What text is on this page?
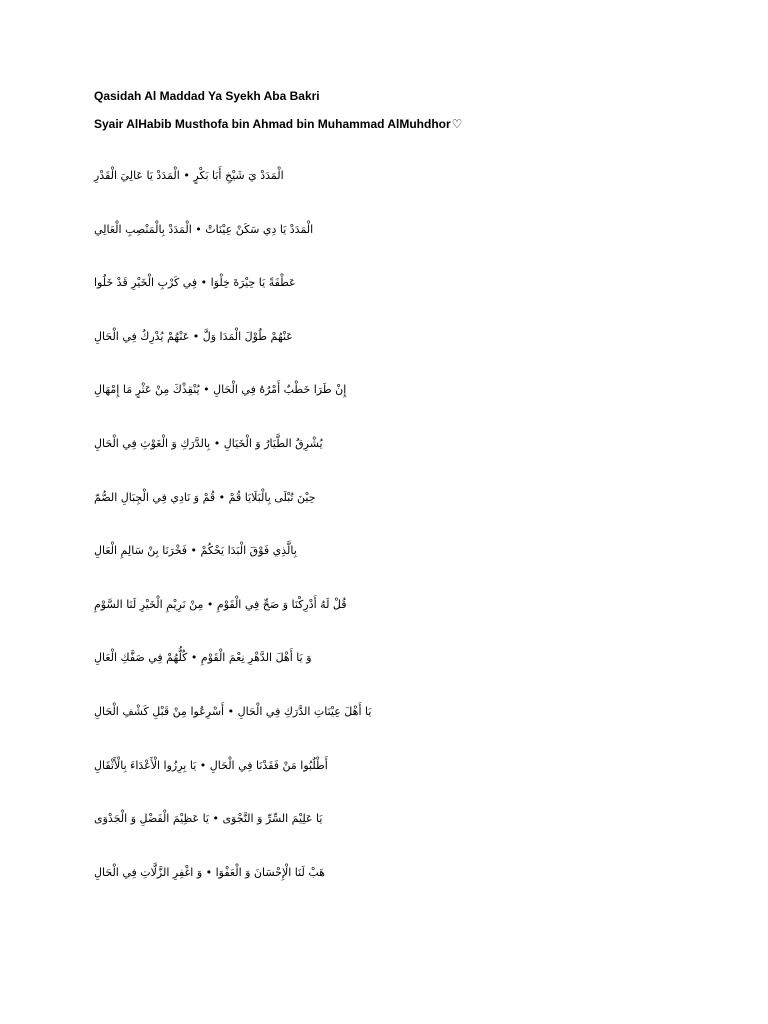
Qasidah Al Maddad Ya Syekh Aba Bakri
Syair AlHabib Musthofa bin Ahmad bin Muhammad AlMuhdhor♡
الْمَدَدْ يَ شَيْخِ أَبَا بَكْرٍ • الْمَدَدْ يَا عَالِيَ الْقَدْرِ
الْمَدَدْ يَا دِي سَكَنْ عِيْنَاتْ • الْمَدَدْ بِالْمَنْصِبِ الْعَالِي
عَطْفَةً يَا حِيْرَةَ خِلْوَا • فِي كَرْبِ الْخَيْرِ قَدْ خَلُوا
عَنْهُمْ طُوْلَ الْمَدَا وَلَّ • عَنْهُمْ يُدْرِكُ فِي الْحَالِ
إِنْ طَرَا خَطْبٌ أَمْرُهُ فِي الْحَالِ • يُنْقِذْكَ مِنْ عَثْرٍ مَا إِمْهَالِ
يُشْرِقُ الطَّيَارُ وَ الْخَيَالِ • بِالدَّرَكِ وَ الْغَوْثِ فِي الْحَالِ
حِيْنَ تُبْلَى بِالْبَلَايَا قُمْ • قُمْ وَ نَادِي فِي الْجِبَالِ الصُّمّ
بِالَّذِي فَوْقَ الْبَدَا يَحْكُمْ • فَخْرَنَا بِنْ سَالِمِ الْعَالِ
قُلْ لَهُ أَدْرِكْنَا وَ صَحِّ فِي الْقَوْمِ • مِنْ نَرِيْمِ الْخَيْرِ لَنَا السَّوْمِ
وَ يَا أَهْلَ الدَّهْرِ نِعْمَ الْقَوْمِ • كُلُّهُمْ فِي صَفَّكِ الْعَالِ
يَا أَهْلَ عِيْنَاتِ الدَّرَكِ فِي الْحَالِ • أَسْرِعُوا مِنْ قَبْلِ كَشْفِ الْحَالِ
أَطْلُبُوا مَنْ فَقَدْنَا فِي الْحَالِ • يَا بِرِزُوا الْأَعْدَاءَ بِالْأَثْقَالِ
يَا عَلِيْمَ السِّرِّ وَ النَّجْوَى • يَا عَظِيْمَ الْفَضْلِ وَ الْجَدْوَى
هَبْ لَنَا الْإِحْسَانَ وَ الْعَفْوَا • وَ اغْفِرِ الزَّلَّاتِ فِي الْحَالِ
